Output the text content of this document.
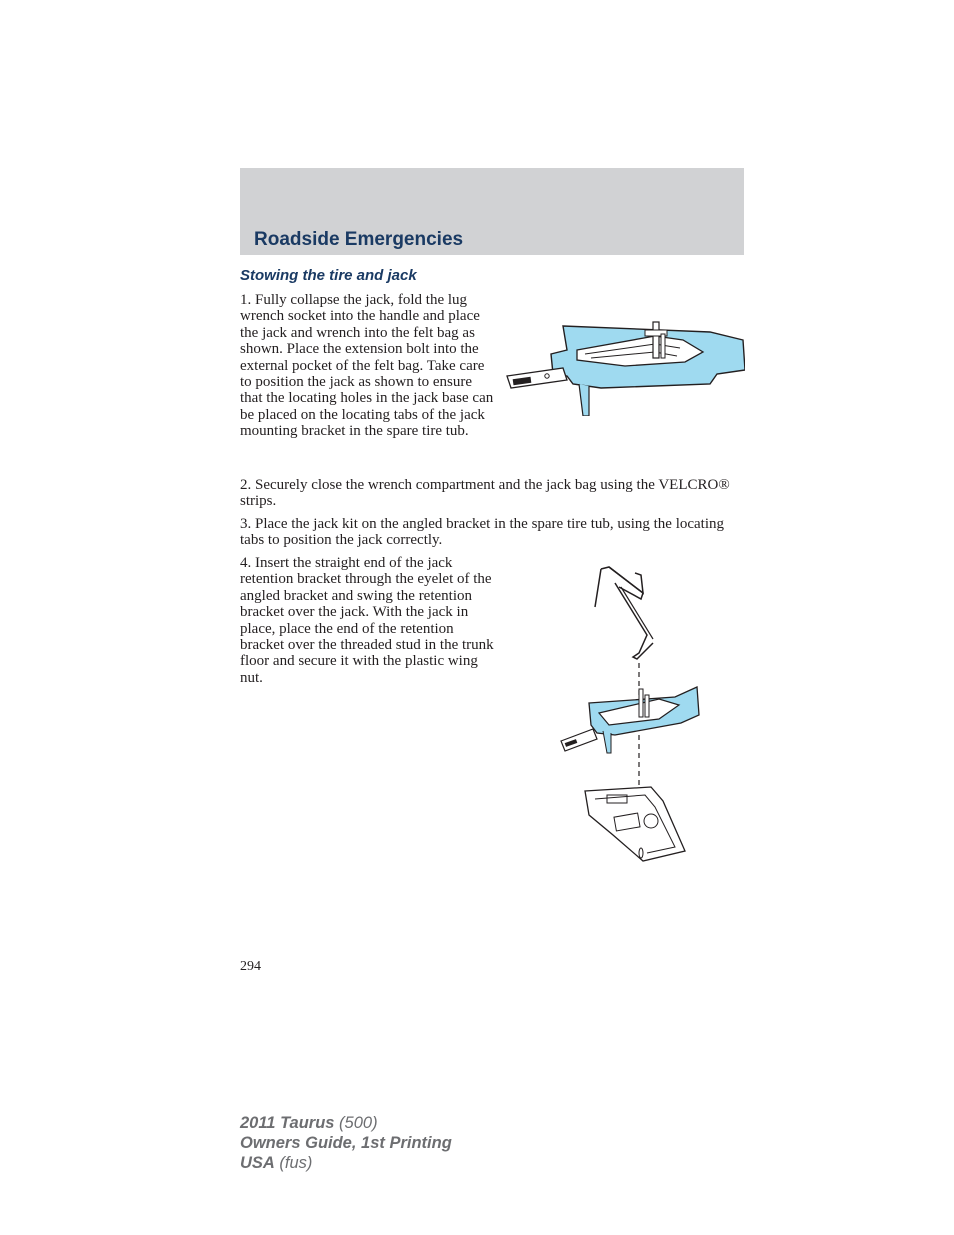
Roadside Emergencies
Stowing the tire and jack

1. Fully collapse the jack, fold the lug wrench socket into the handle and place the jack and wrench into the felt bag as shown. Place the extension bolt into the external pocket of the felt bag. Take care to position the jack as shown to ensure that the locating holes in the jack base can be placed on the locating tabs of the jack mounting bracket in the spare tire tub.

2. Securely close the wrench compartment and the jack bag using the VELCRO® strips.

3. Place the jack kit on the angled bracket in the spare tire tub, using the locating tabs to position the jack correctly.

4. Insert the straight end of the jack retention bracket through the eyelet of the angled bracket and swing the retention bracket over the jack. With the jack in place, place the end of the retention bracket over the threaded stud in the trunk floor and secure it with the plastic wing nut.

294

2011 Taurus (500)
Owners Guide, 1st Printing
USA (fus)
